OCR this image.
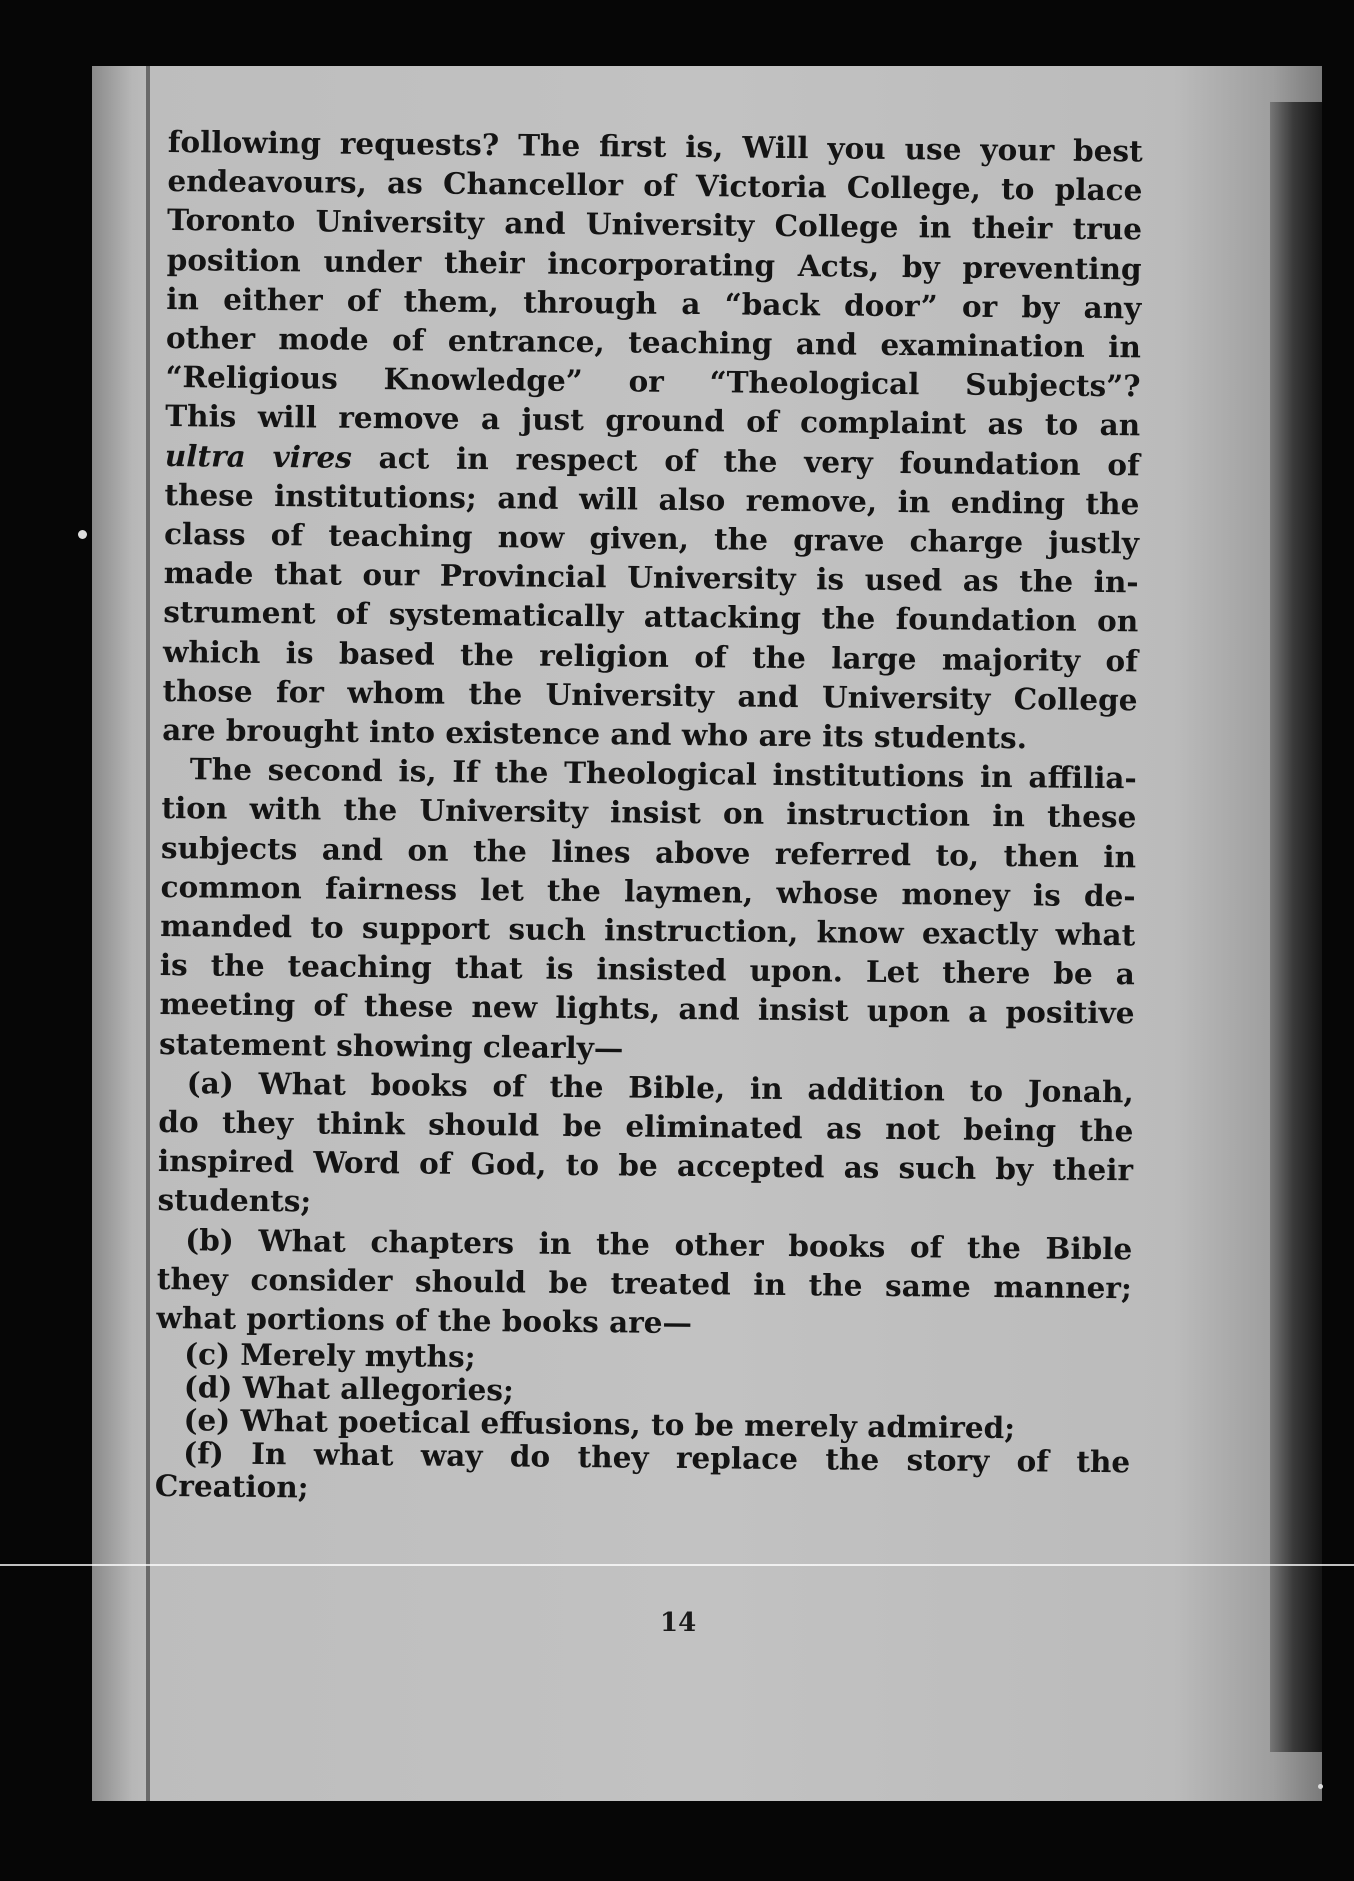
following requests? The first is, Will you use your best

endeavours, as Chancellor of Victoria College, to place

Toronto University and University College in their true

position under their incorporating Acts, by preventing

in either of them, through a “back door” or by any

other mode of entrance, teaching and examination in

“Religious Knowledge” or “Theological Subjects”?

This will remove a just ground of complaint as to an

ultra vires act in respect of the very foundation of

these institutions; and will also remove, in ending the

class of teaching now given, the grave charge justly

made that our Provincial University is used as the in-

strument of systematically attacking the foundation on

which is based the religion of the large majority of

those for whom the University and University College

are brought into existence and who are its students.

The second is, If the Theological institutions in affilia-

tion with the University insist on instruction in these

subjects and on the lines above referred to, then in

common fairness let the laymen, whose money is de-

manded to support such instruction, know exactly what

is the teaching that is insisted upon. Let there be a

meeting of these new lights, and insist upon a positive

statement showing clearly—

(a) What books of the Bible, in addition to Jonah,

do they think should be eliminated as not being the

inspired Word of God, to be accepted as such by their

students;

(b) What chapters in the other books of the Bible

they consider should be treated in the same manner;

what portions of the books are—

(c) Merely myths;

(d) What allegories;

(e) What poetical effusions, to be merely admired;

(f) In what way do they replace the story of the

Creation;

14
